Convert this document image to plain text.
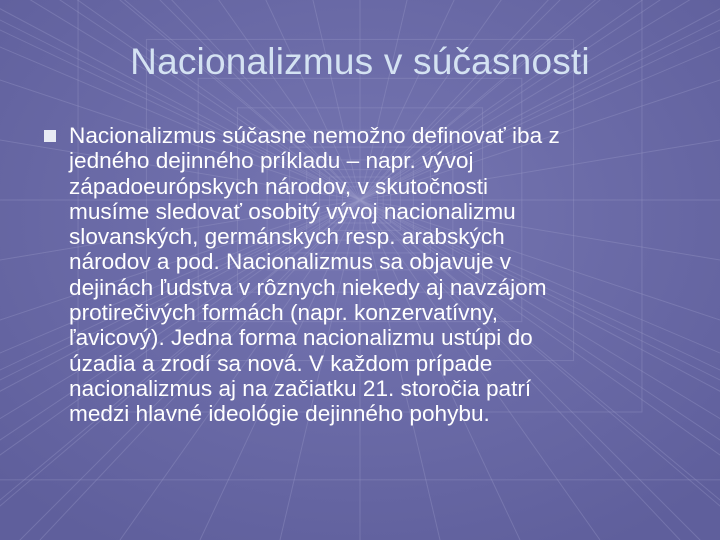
Nacionalizmus v súčasnosti
Nacionalizmus súčasne nemožno definovať iba z
jedného dejinného príkladu – napr. vývoj
západoeurópskych národov, v skutočnosti
musíme sledovať osobitý vývoj nacionalizmu
slovanských, germánskych resp. arabských
národov a pod. Nacionalizmus sa objavuje v
dejinách ľudstva v rôznych niekedy aj navzájom
protirečivých formách (napr. konzervatívny,
ľavicový). Jedna forma nacionalizmu ustúpi do
úzadia a zrodí sa nová. V každom prípade
nacionalizmus aj na začiatku 21. storočia patrí
medzi hlavné ideológie dejinného pohybu.
